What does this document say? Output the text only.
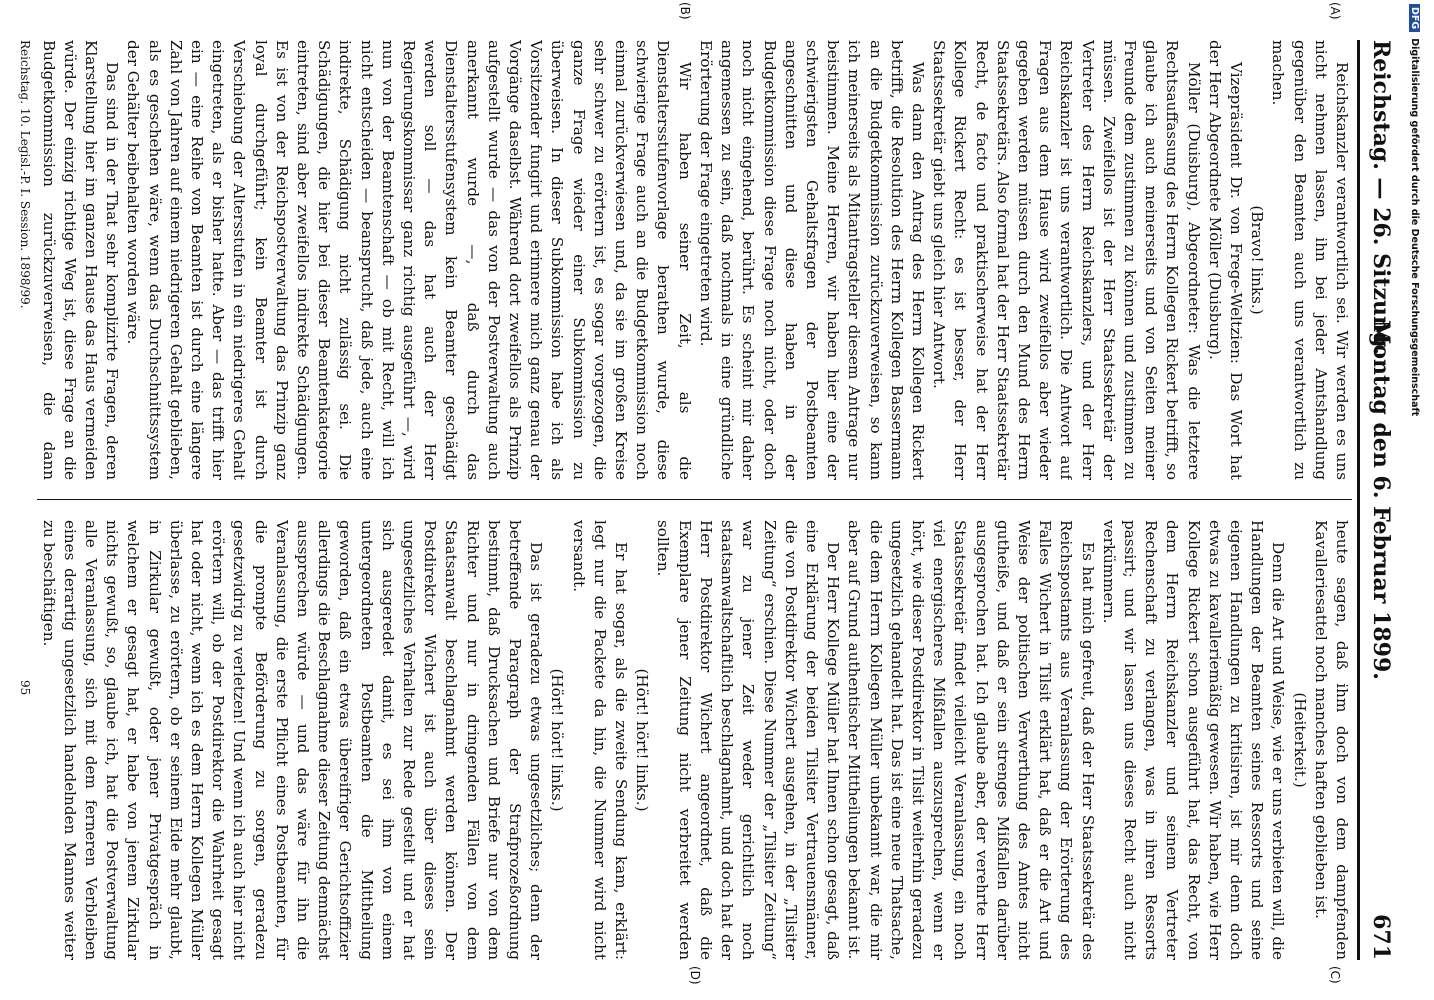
Reichstag. — 26. Sitzung.
Montag den 6. Februar 1899.
671
(A)
(B)
(C)
(D)

Reichskanzler verantwortlich sei. Wir werden es uns nicht nehmen lassen, ihn bei jeder Amtshandlung gegenüber den Beamten auch uns verantwortlich zu machen.

(Bravo! links.)

Vizepräsident Dr. von Frege-Weltzien: Das Wort hat der Herr Abgeordnete Möller (Duisburg).

Möller (Duisburg), Abgeordneter: Was die letztere Rechtsauffassung des Herrn Kollegen Rickert betrifft, so glaube ich auch meinerseits und von Seiten meiner Freunde dem zustimmen zu können und zustimmen zu müssen. Zweifellos ist der Herr Staatssekretär der Vertreter des Herrn Reichskanzlers, und der Herr Reichskanzler ist uns verantwortlich. Die Antwort auf Fragen aus dem Hause wird zweifellos aber wieder gegeben werden müssen durch den Mund des Herrn Staatssekretärs. Also formal hat der Herr Staatssekretär Recht, de facto und praktischerweise hat der Herr Kollege Rickert Recht: es ist besser, der Herr Staatssekretär giebt uns gleich hier Antwort.

Was dann den Antrag des Herrn Kollegen Rickert betrifft, die Resolution des Herrn Kollegen Bassermann an die Budgetkommission zurückzuverweisen, so kann ich meinerseits als Mitantragsteller diesem Antrage nur beistimmen. Meine Herren, wir haben hier eine der schwierigsten Gehaltsfragen der Postbeamten angeschnitten und diese haben in der Budgetkommission diese Frage noch nicht, oder doch noch nicht eingehend, berührt. Es scheint mir daher angemessen zu sein, daß nochmals in eine gründliche Erörterung der Frage eingetreten wird.

Wir haben seiner Zeit, als die Dienstaltersstufenvorlage berathen wurde, diese schwierige Frage auch an die Budgetkommission noch einmal zurückverwiesen und, da sie im großen Kreise sehr schwer zu erörtern ist, es sogar vorgezogen, die ganze Frage wieder einer Subkommission zu überweisen. In dieser Subkommission habe ich als Vorsitzender fungirt und erinnere mich ganz genau der Vorgänge daselbst. Während dort zweifellos als Prinzip aufgestellt wurde — das von der Postverwaltung auch anerkannt wurde —, daß durch das Dienstaltersstufensystem kein Beamter geschädigt werden soll — das hat auch der Herr Regierungskommissar ganz richtig ausgeführt —, wird nun von der Beamtenschaft — ob mit Recht, will ich nicht entscheiden — beansprucht, daß jede, auch eine indirekte, Schädigung nicht zulässig sei. Die Schädigungen, die hier bei dieser Beamtenkategorie eintreten, sind aber zweifellos indirekte Schädigungen. Es ist von der Reichspostverwaltung das Prinzip ganz loyal durchgeführt; kein Beamter ist durch Verschiebung der Altersstufen in ein niedrigeres Gehalt eingetreten, als er bisher hatte. Aber — das trifft hier ein — eine Reihe von Beamten ist durch eine längere Zahl von Jahren auf einem niedrigeren Gehalt geblieben, als es geschehen wäre, wenn das Durchschnittssystem der Gehälter beibehalten worden wäre.

Das sind in der That sehr komplizirte Fragen, deren Klarstellung hier im ganzen Hause das Haus vermeiden würde. Der einzig richtige Weg ist, diese Frage an die Budgetkommission zurückzuverweisen, die dann

heute sagen, daß ihm doch von dem dampfenden Kavalleriesattel noch manches haften geblieben ist.

(Heiterkeit.)

Denn die Art und Weise, wie er uns verbieten will, die Handlungen der Beamten seines Ressorts und seine eigenen Handlungen zu kritisiren, ist mir denn doch etwas zu kavalleriemäßig gewesen. Wir haben, wie Herr Kollege Rickert schon ausgeführt hat, das Recht, von dem Herrn Reichskanzler und seinem Vertreter Rechenschaft zu verlangen, was in ihren Ressorts passirt; und wir lassen uns dieses Recht auch nicht verkümmern.

Es hat mich gefreut, daß der Herr Staatssekretär des Reichspostamts aus Veranlassung der Erörterung des Falles Wichert in Tilsit erklärt hat, daß er die Art und Weise der politischen Verwerthung des Amtes nicht gutheiße, und daß er sein strenges Mißfallen darüber ausgesprochen hat. Ich glaube aber, der verehrte Herr Staatssekretär findet vielleicht Veranlassung, ein noch viel energischeres Mißfallen auszusprechen, wenn er hört, wie dieser Postdirektor in Tilsit weiterhin geradezu ungesetzlich gehandelt hat. Das ist eine neue Thatsache, die dem Herrn Kollegen Müller unbekannt war, die mir aber auf Grund authentischer Mittheilungen bekannt ist.

Der Herr Kollege Müller hat Ihnen schon gesagt, daß eine Erklärung der beiden Tilsiter Vertrauensmänner, die von Postdirektor Wichert ausgehen, in der „Tilsiter Zeitung“ erschien. Diese Nummer der „Tilsiter Zeitung“ war zu jener Zeit weder gerichtlich noch staatsanwaltschaftlich beschlagnahmt, und doch hat der Herr Postdirektor Wichert angeordnet, daß die Exemplare jener Zeitung nicht verbreitet werden sollten.

(Hört! hört! links.)

Er hat sogar, als die zweite Sendung kam, erklärt: legt nur die Packete da hin, die Nummer wird nicht versandt.

(Hört! hört! links.)

Das ist geradezu etwas ungesetzliches; denn der betreffende Paragraph der Strafprozeßordnung bestimmt, daß Drucksachen und Briefe nur von dem Richter und nur in dringenden Fällen von dem Staatsanwalt beschlagnahmt werden können. Der Postdirektor Wichert ist auch über dieses sein ungesetzliches Verhalten zur Rede gestellt und er hat sich ausgeredet damit, es sei ihm von einem untergeordneten Postbeamten die Mittheilung geworden, daß ein etwas übereifriger Gerichtsoffizier allerdings die Beschlagnahme dieser Zeitung demnächst aussprechen würde — und das wäre für ihn die Veranlassung, die erste Pflicht eines Postbeamten, für die prompte Beförderung zu sorgen, geradezu gesetzwidrig zu verletzen! Und wenn ich auch hier nicht erörtern will, ob der Postdirektor die Wahrheit gesagt hat oder nicht, wenn ich es dem Herrn Kollegen Müller überlasse, zu erörtern, ob er seinem Eide mehr glaubt, in Zirkular gewußt, oder jener Privatgespräch in welchem er gesagt hat, er habe von jenem Zirkular nichts gewußt, so, glaube ich, hat die Postverwaltung alle Veranlassung, sich mit dem ferneren Verbleiben eines derartig ungesetzlich handelnden Mannes weiter zu beschäftigen.

Reichstag. 10. Legisl.-P. I. Session. 1898/99.
95
DFGDigitalisierung gefördert durch die Deutsche Forschungsgemeinschaft
